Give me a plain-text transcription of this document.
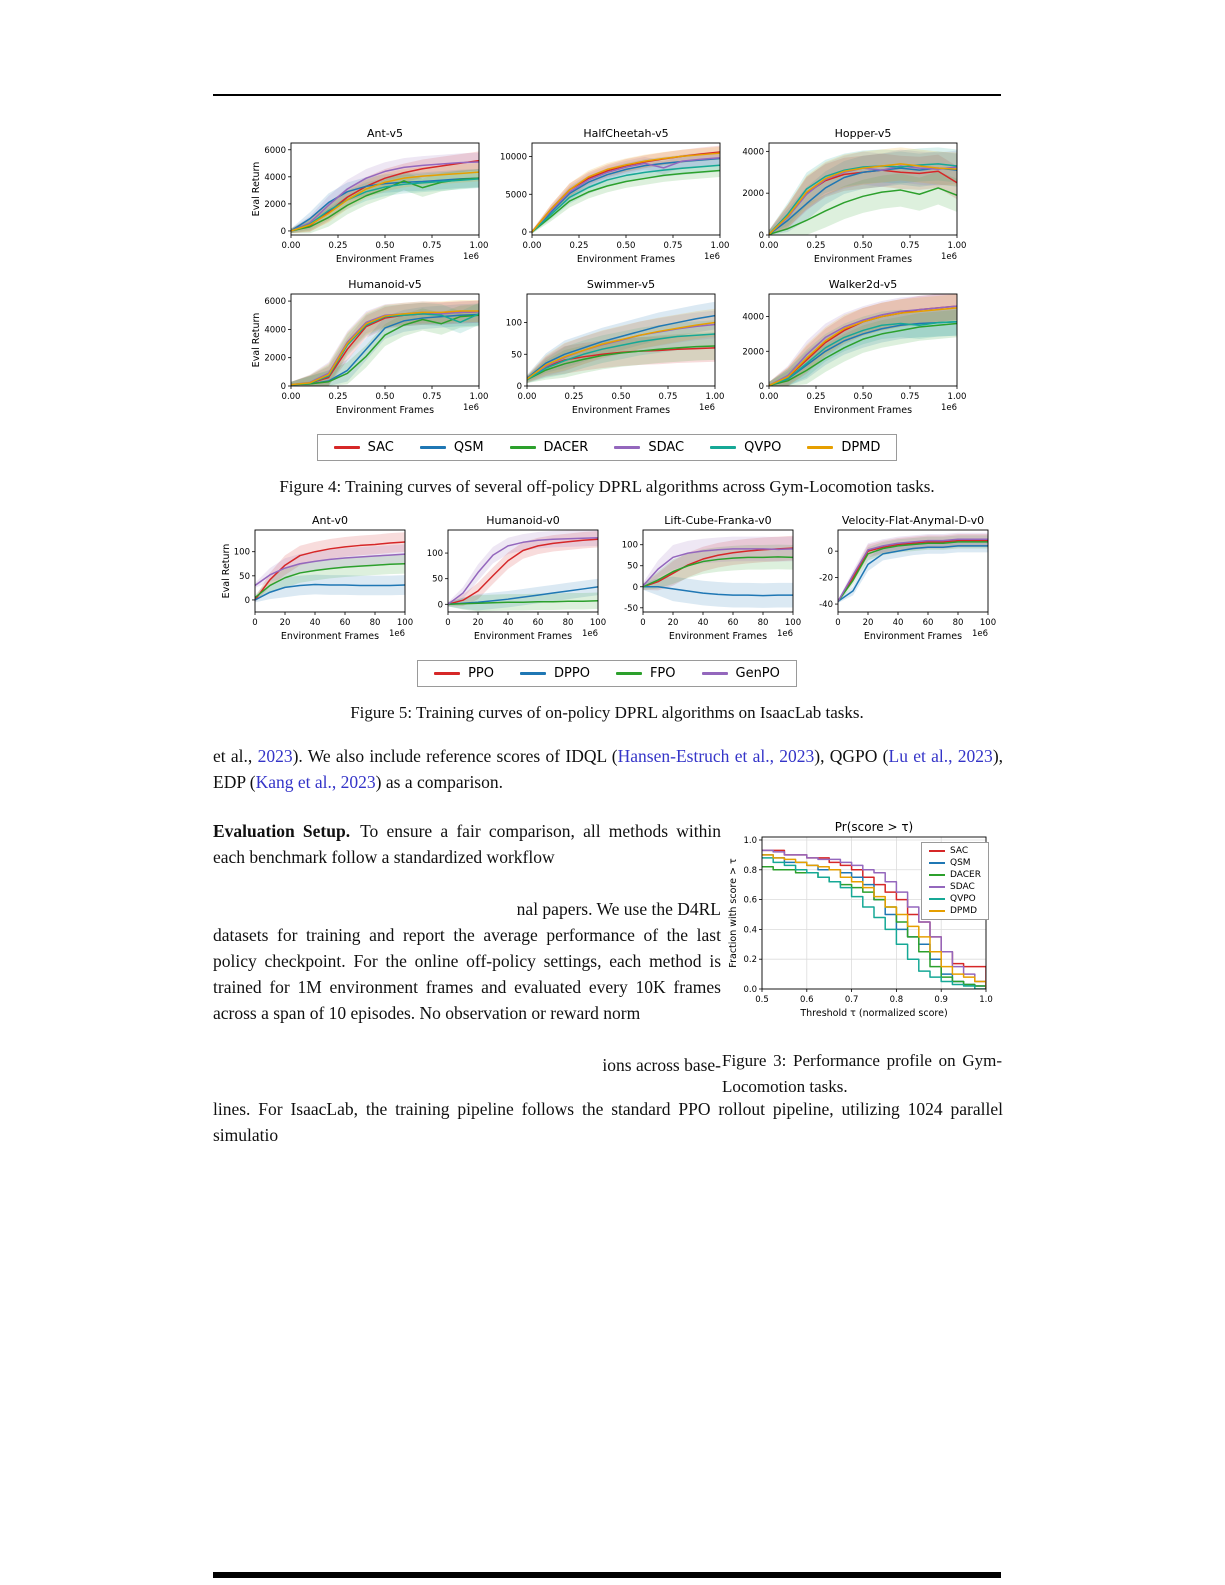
Ant-v5
0.00	0.25	0.50	0.75	1.00
0
2000
4000
6000
1e6
Environment Frames
Eval Return
HalfCheetah-v5
0.00	0.25	0.50	0.75	1.00
0
5000
10000
1e6
Environment Frames
Hopper-v5
0.00	0.25	0.50	0.75	1.00
0
2000
4000
1e6
Environment Frames
Humanoid-v5
0.00	0.25	0.50	0.75	1.00
0
2000
4000
6000
1e6
Environment Frames
Eval Return
Swimmer-v5
0.00	0.25	0.50	0.75	1.00
0
50
100
1e6
Environment Frames
Walker2d-v5
0.00	0.25	0.50	0.75	1.00
0
2000
4000
1e6
Environment Frames
SAC	QSM	DACER	SDAC	QVPO	DPMD
Figure 4: Training curves of several off-policy DPRL algorithms across Gym-Locomotion tasks.
Ant-v0
0	20 40 60 80 100
0
50
100
1e6
Environment Frames
Eval Return
Humanoid-v0
0	20 40 60 80 100
0
50
100
1e6
Environment Frames
Lift-Cube-Franka-v0
0	20 40 60 80 100
-50
0
50
100
1e6
Environment Frames
Velocity-Flat-Anymal-D-v0
0	20 40 60 80 100
-40
-20
0
1e6
Environment Frames
PPO	DPPO	FPO	GenPO
Figure 5: Training curves of on-policy DPRL algorithms on IsaacLab tasks.

et al., 2023). We also include reference scores of IDQL (Hansen-Estruch et al., 2023), QGPO (Lu et al., 2023), EDP (Kang et al., 2023) as a comparison.

Evaluation Setup. To ensure a fair comparison, all methods within each benchmark follow a standardized workflow

nal papers. We use the D4RL

datasets for training and report the average performance of the last policy checkpoint. For the online off-policy settings, each method is trained for 1M environment frames and evaluated every 10K frames across a span of 10 episodes. No observation or reward norm

ions across base-

Pr(score > τ)
0.5	0.6	0.7	0.8	0.9	1.0
0.0
0.2
0.4
0.6
0.8
1.0
Threshold τ (normalized score)
Fraction with score > τ
SAC
QSM
DACER
SDAC
QVPO
DPMD
Figure 3: Performance profile on Gym-Locomotion tasks.

lines. For IsaacLab, the training pipeline follows the standard PPO rollout pipeline, utilizing 1024 parallel simulatio
